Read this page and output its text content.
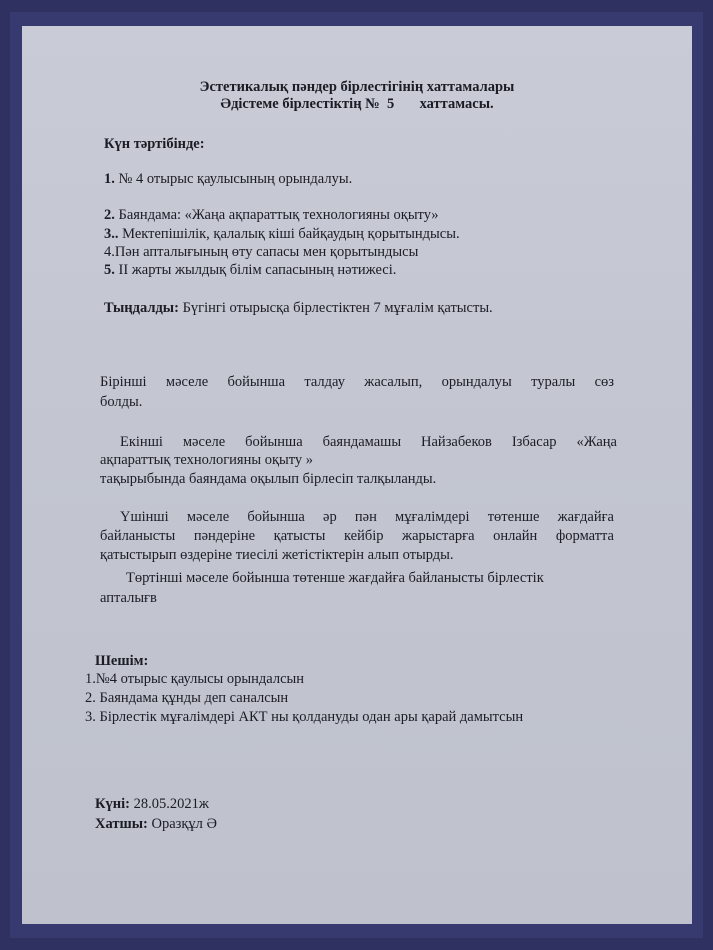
Эстетикалық пәндер бірлестігінің хаттамалары
Әдістеме бірлестіктің № 5 хаттамасы.
Күн тәртібінде:
1. № 4 отырыс қаулысының орындалуы.
2. Баяндама: «Жаңа ақпараттық технологияны оқыту»
3.. Мектепішілік, қалалық кіші байқаудың қорытындысы.
4.Пән апталығының өту сапасы мен қорытындысы
5. ІІ жарты жылдық білім сапасының нәтижесі.
Тыңдалды: Бүгінгі отырысқа бірлестіктен 7 мұғалім қатысты.
Бірінші мәселе бойынша талдау жасалып, орындалуы туралы сөз
болды.
Екінші мәселе бойынша баяндамашы Найзабеков Ізбасар «Жаңа
ақпараттық технологияны оқыту »
тақырыбында баяндама оқылып бірлесіп талқыланды.
Үшінші мәселе бойынша әр пән мұғалімдері төтенше жағдайға
байланысты пәндеріне қатысты кейбір жарыстарға онлайн форматта
қатыстырып өздеріне тиесілі жетістіктерін алып отырды.
Төртінші мәселе бойынша төтенше жағдайға байланысты бірлестік
апталығв
Шешім:
1.№4 отырыс қаулысы орындалсын
2. Баяндама құнды деп саналсын
3. Бірлестік мұғалімдері АКТ ны қолдануды одан ары қарай дамытсын
Күні: 28.05.2021ж
Хатшы: Оразқұл Ә
